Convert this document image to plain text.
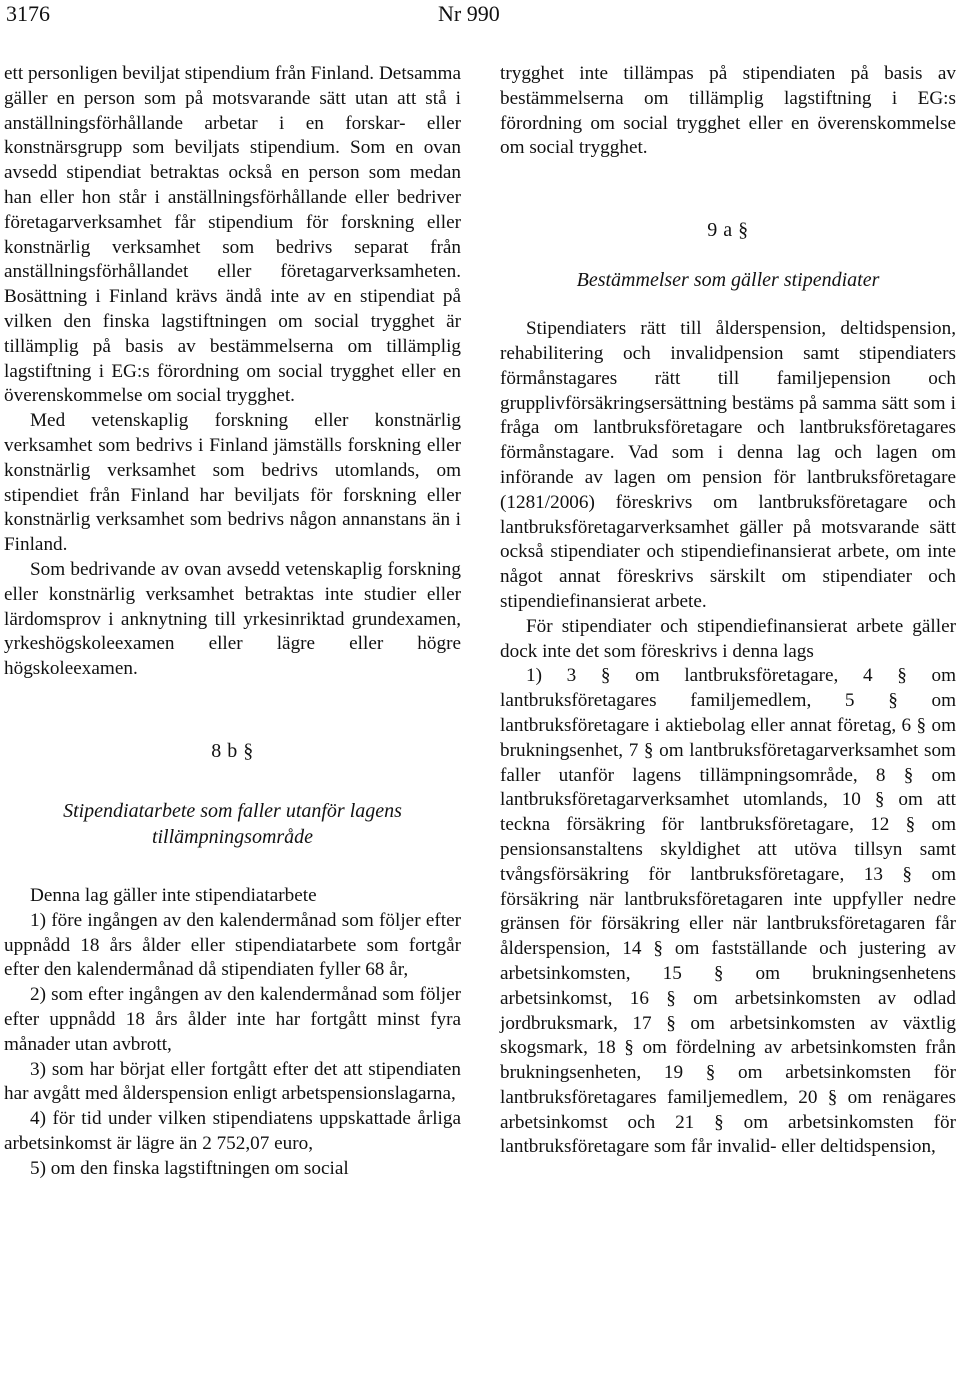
3176	Nr 990

ett personligen beviljat stipendium från Finland. Detsamma gäller en person som på motsvarande sätt utan att stå i anställningsförhållande arbetar i en forskar- eller konstnärsgrupp som beviljats stipendium. Som en ovan avsedd stipendiat betraktas också en person som medan han eller hon står i anställningsförhållande eller bedriver företagarverksamhet får stipendium för forskning eller konstnärlig verksamhet som bedrivs separat från anställningsförhållandet eller företagarverksamheten. Bosättning i Finland krävs ändå inte av en stipendiat på vilken den finska lagstiftningen om social trygghet är tillämplig på basis av bestämmelserna om tillämplig lagstiftning i EG:s förordning om social trygghet eller en överenskommelse om social trygghet.

Med vetenskaplig forskning eller konstnärlig verksamhet som bedrivs i Finland jämställs forskning eller konstnärlig verksamhet som bedrivs utomlands, om stipendiet från Finland har beviljats för forskning eller konstnärlig verksamhet som bedrivs någon annanstans än i Finland.

Som bedrivande av ovan avsedd vetenskaplig forskning eller konstnärlig verksamhet betraktas inte studier eller lärdomsprov i anknytning till yrkesinriktad grundexamen, yrkeshögskoleexamen eller lägre eller högre högskoleexamen.

8 b §
Stipendiatarbete som faller utanför lagens tillämpningsområde

Denna lag gäller inte stipendiatarbete

1) före ingången av den kalendermånad som följer efter uppnådd 18 års ålder eller stipendiatarbete som fortgår efter den kalendermånad då stipendiaten fyller 68 år,

2) som efter ingången av den kalendermånad som följer efter uppnådd 18 års ålder inte har fortgått minst fyra månader utan avbrott,

3) som har börjat eller fortgått efter det att stipendiaten har avgått med ålderspension enligt arbetspensionslagarna,

4) för tid under vilken stipendiatens uppskattade årliga arbetsinkomst är lägre än 2 752,07 euro,

5) om den finska lagstiftningen om social

trygghet inte tillämpas på stipendiaten på basis av bestämmelserna om tillämplig lagstiftning i EG:s förordning om social trygghet eller en överenskommelse om social trygghet.

9 a §
Bestämmelser som gäller stipendiater

Stipendiaters rätt till ålderspension, deltidspension, rehabilitering och invalidpension samt stipendiaters förmånstagares rätt till familjepension och grupplivförsäkringsersättning bestäms på samma sätt som i fråga om lantbruksföretagare och lantbruksföretagares förmånstagare. Vad som i denna lag och lagen om införande av lagen om pension för lantbruksföretagare (1281/2006) föreskrivs om lantbruksföretagare och lantbruksföretagarverksamhet gäller på motsvarande sätt också stipendiater och stipendiefinansierat arbete, om inte något annat föreskrivs särskilt om stipendiater och stipendiefinansierat arbete.

För stipendiater och stipendiefinansierat arbete gäller dock inte det som föreskrivs i denna lags

1) 3 § om lantbruksföretagare, 4 § om lantbruksföretagares familjemedlem, 5 § om lantbruksföretagare i aktiebolag eller annat företag, 6 § om brukningsenhet, 7 § om lantbruksföretagarverksamhet som faller utanför lagens tillämpningsområde, 8 § om lantbruksföretagarverksamhet utomlands, 10 § om att teckna försäkring för lantbruksföretagare, 12 § om pensionsanstaltens skyldighet att utöva tillsyn samt tvångsförsäkring för lantbruksföretagare, 13 § om försäkring när lantbruksföretagaren inte uppfyller nedre gränsen för försäkring eller när lantbruksföretagaren får ålderspension, 14 § om fastställande och justering av arbetsinkomsten, 15 § om brukningsenhetens arbetsinkomst, 16 § om arbetsinkomsten av odlad jordbruksmark, 17 § om arbetsinkomsten av växtlig skogsmark, 18 § om fördelning av arbetsinkomsten från brukningsenheten, 19 § om arbetsinkomsten för lantbruksföretagares familjemedlem, 20 § om renägares arbetsinkomst och 21 § om arbetsinkomsten för lantbruksföretagare som får invalid- eller deltidspension,
